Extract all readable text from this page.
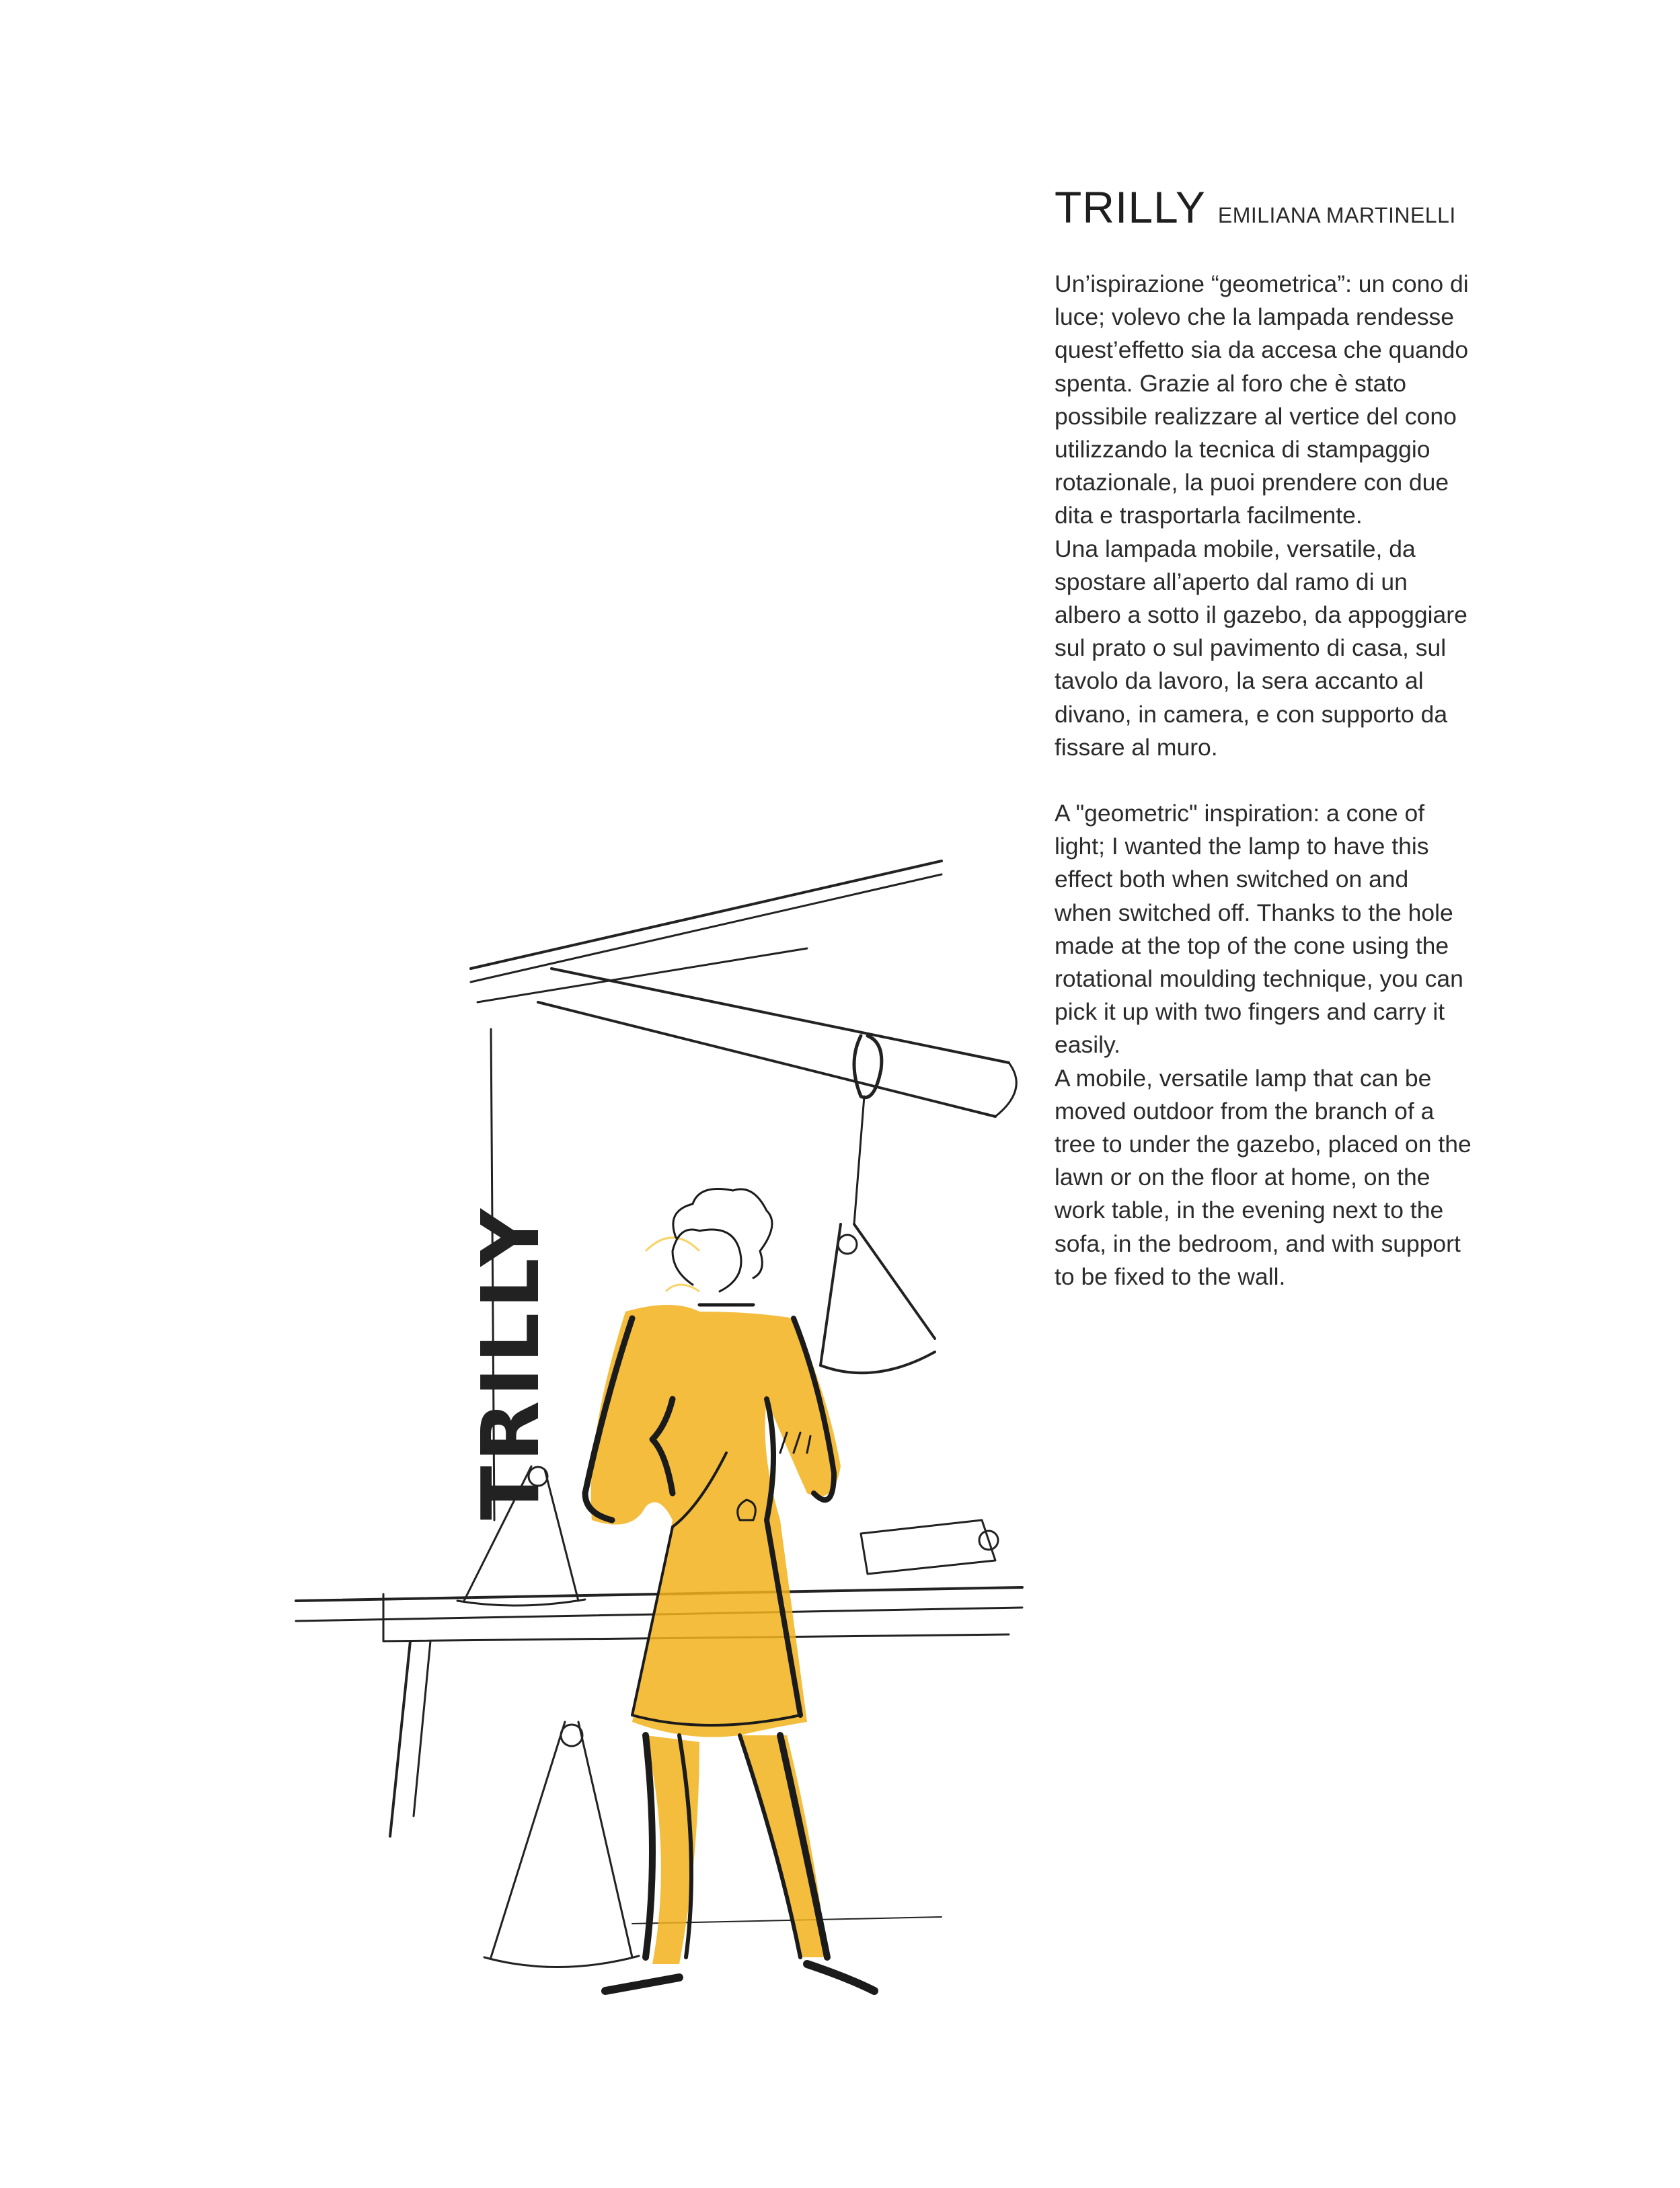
TRILLY EMILIANA MARTINELLI

Un’ispirazione “geometrica”: un cono di
luce; volevo che la lampada rendesse
quest’effetto sia da accesa che quando
spenta. Grazie al foro che è stato
possibile realizzare al vertice del cono
utilizzando la tecnica di stampaggio
rotazionale, la puoi prendere con due
dita e trasportarla facilmente.

Una lampada mobile, versatile, da
spostare all’aperto dal ramo di un
albero a sotto il gazebo, da appoggiare
sul prato o sul pavimento di casa, sul
tavolo da lavoro, la sera accanto al
divano, in camera, e con supporto da
fissare al muro.

A "geometric" inspiration: a cone of
light; I wanted the lamp to have this
effect both when switched on and
when switched off. Thanks to the hole
made at the top of the cone using the
rotational moulding technique, you can
pick it up with two fingers and carry it
easily.

A mobile, versatile lamp that can be
moved outdoor from the branch of a
tree to under the gazebo, placed on the
lawn or on the floor at home, on the
work table, in the evening next to the
sofa, in the bedroom, and with support
to be fixed to the wall.

TRILLY
